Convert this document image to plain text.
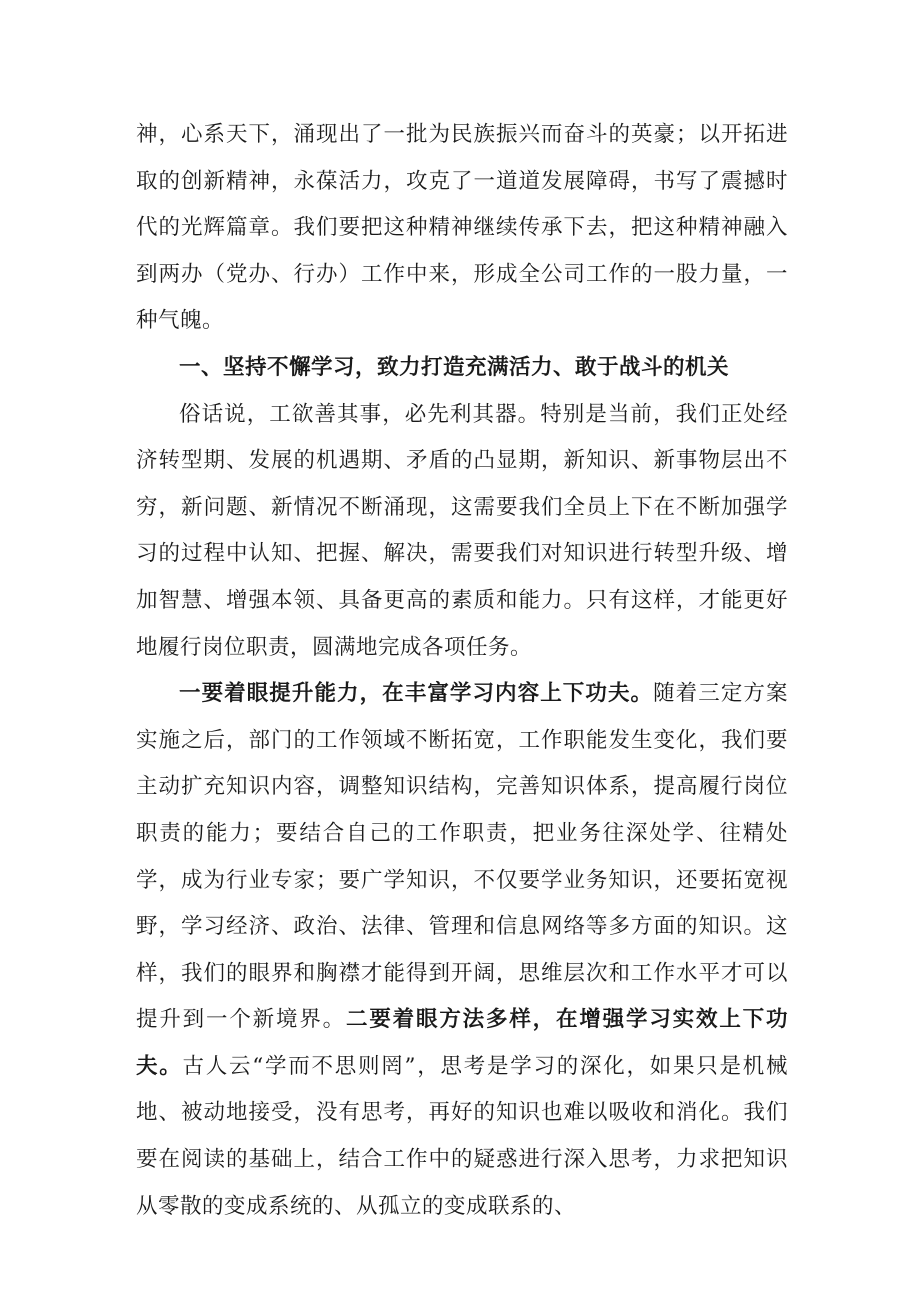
神，心系天下，涌现出了一批为民族振兴而奋斗的英豪；以开拓进取的创新精神，永葆活力，攻克了一道道发展障碍，书写了震撼时代的光辉篇章。我们要把这种精神继续传承下去，把这种精神融入到两办（党办、行办）工作中来，形成全公司工作的一股力量，一种气魄。

一、坚持不懈学习，致力打造充满活力、敢于战斗的机关

俗话说，工欲善其事，必先利其器。特别是当前，我们正处经济转型期、发展的机遇期、矛盾的凸显期，新知识、新事物层出不穷，新问题、新情况不断涌现，这需要我们全员上下在不断加强学习的过程中认知、把握、解决，需要我们对知识进行转型升级、增加智慧、增强本领、具备更高的素质和能力。只有这样，才能更好地履行岗位职责，圆满地完成各项任务。

一要着眼提升能力，在丰富学习内容上下功夫。随着三定方案实施之后，部门的工作领域不断拓宽，工作职能发生变化，我们要主动扩充知识内容，调整知识结构，完善知识体系，提高履行岗位职责的能力；要结合自己的工作职责，把业务往深处学、往精处学，成为行业专家；要广学知识，不仅要学业务知识，还要拓宽视野，学习经济、政治、法律、管理和信息网络等多方面的知识。这样，我们的眼界和胸襟才能得到开阔，思维层次和工作水平才可以提升到一个新境界。二要着眼方法多样，在增强学习实效上下功夫。古人云“学而不思则罔”，思考是学习的深化，如果只是机械地、被动地接受，没有思考，再好的知识也难以吸收和消化。我们要在阅读的基础上，结合工作中的疑惑进行深入思考，力求把知识从零散的变成系统的、从孤立的变成联系的、
